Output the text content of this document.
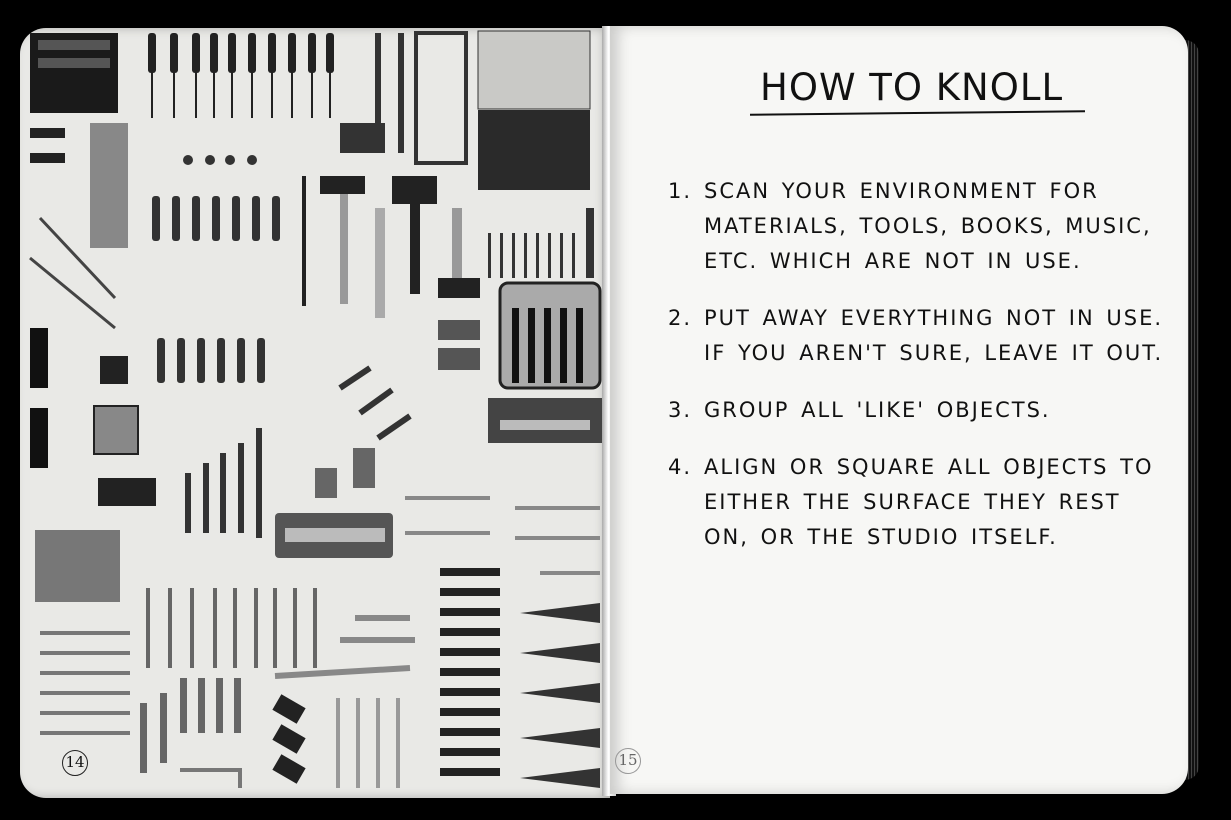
14
HOW TO KNOLL
1. SCAN YOUR ENVIRONMENT FOR MATERIALS, TOOLS, BOOKS, MUSIC, ETC. WHICH ARE NOT IN USE.
2. PUT AWAY EVERYTHING NOT IN USE. IF YOU AREN'T SURE, LEAVE IT OUT.
3. GROUP ALL 'LIKE' OBJECTS.
4. ALIGN OR SQUARE ALL OBJECTS TO EITHER THE SURFACE THEY REST ON, OR THE STUDIO ITSELF.
15
